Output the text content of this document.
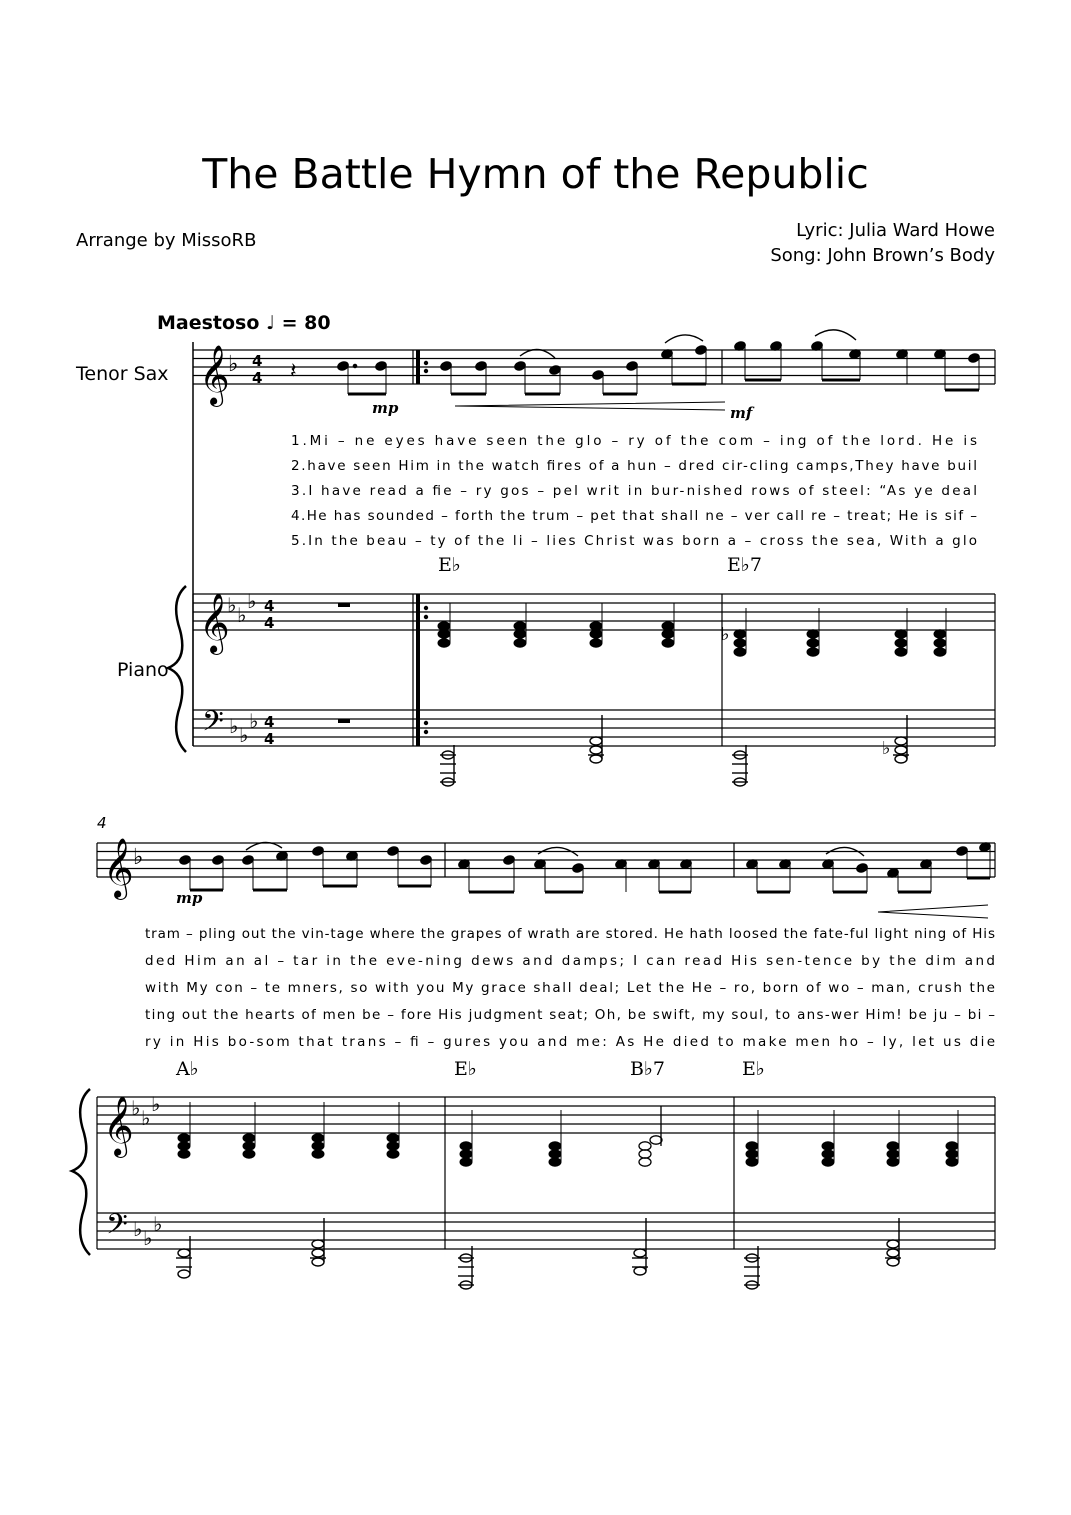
The Battle Hymn of the Republic
Arrange by MissoRB	Lyric: Julia Ward Howe
Song: John Brown’s Body
Maestoso ♩ = 80
Tenor Sax
Piano
𝄞
♭ 4
4 𝄽
mp	mf
1.Mi – ne eyes have seen the glo – ry of the com – ing of the lord. He is
2.have seen Him in the watch fires of a hun – dred cir-cling camps,They have buil
3.I have read a fie – ry gos – pel writ in bur-nished rows of steel: “As ye deal
4.He has sounded – forth the trum – pet that shall ne – ver call re – treat; He is sif –
5.In the beau – ty of the li – lies Christ was born a – cross the sea, With a glo
E♭	E♭7
𝄞
♭ ♭
♭ 4
4
♭
𝄢 ♭ ♭
♭ 4
4	♭
4
𝄞 ♭
mp
tram – pling out the vin-tage where the grapes of wrath are stored. He hath loosed the fate-ful light ning of His
ded Him an al – tar in the eve-ning dews and damps; I can read His sen-tence by the dim and
with My con – te mners, so with you My grace shall deal; Let the He – ro, born of wo – man, crush the
ting out the hearts of men be – fore His judgment seat; Oh, be swift, my soul, to ans-wer Him! be ju – bi –
ry in His bo-som that trans – fi – gures you and me: As He died to make men ho – ly, let us die
A♭	E♭	B♭7	E♭
𝄞
♭ ♭
♭
𝄢 ♭ ♭
♭
